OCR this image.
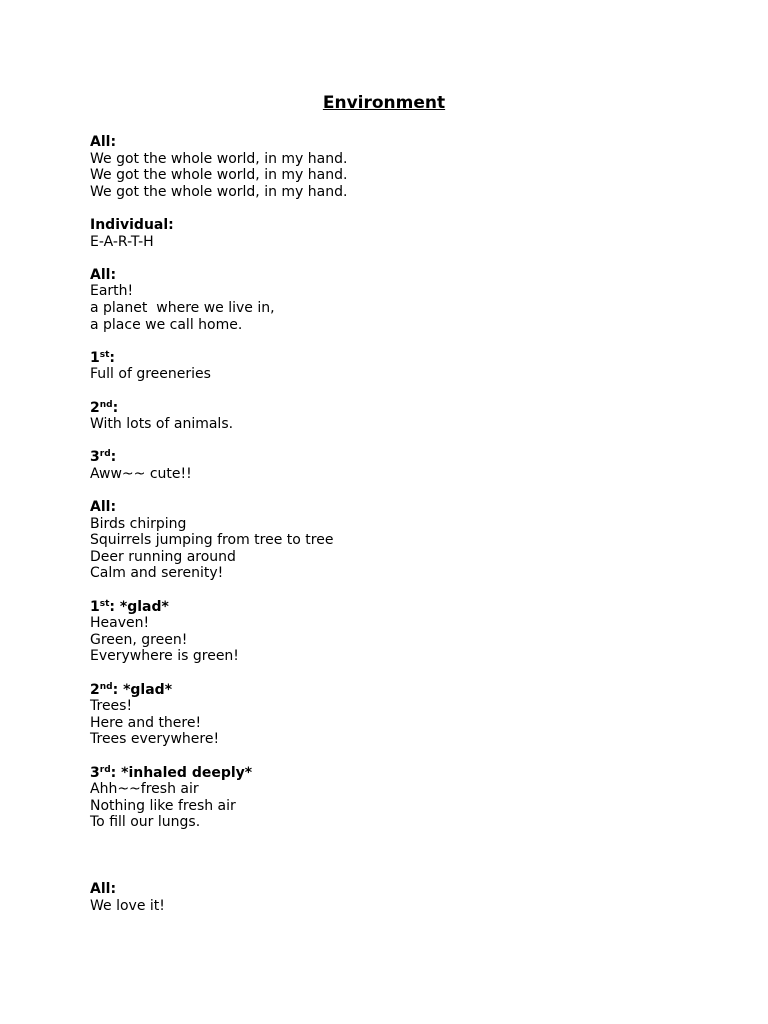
Environment
All:
We got the whole world, in my hand.
We got the whole world, in my hand.
We got the whole world, in my hand.
Individual:
E-A-R-T-H
All:
Earth!
a planet  where we live in,
a place we call home.
1st:
Full of greeneries
2nd:
With lots of animals.
3rd:
Aww~~ cute!!
All:
Birds chirping
Squirrels jumping from tree to tree
Deer running around
Calm and serenity!
1st: *glad*
Heaven!
Green, green!
Everywhere is green!
2nd: *glad*
Trees!
Here and there!
Trees everywhere!
3rd: *inhaled deeply*
Ahh~~fresh air
Nothing like fresh air
To fill our lungs.
All:
We love it!
